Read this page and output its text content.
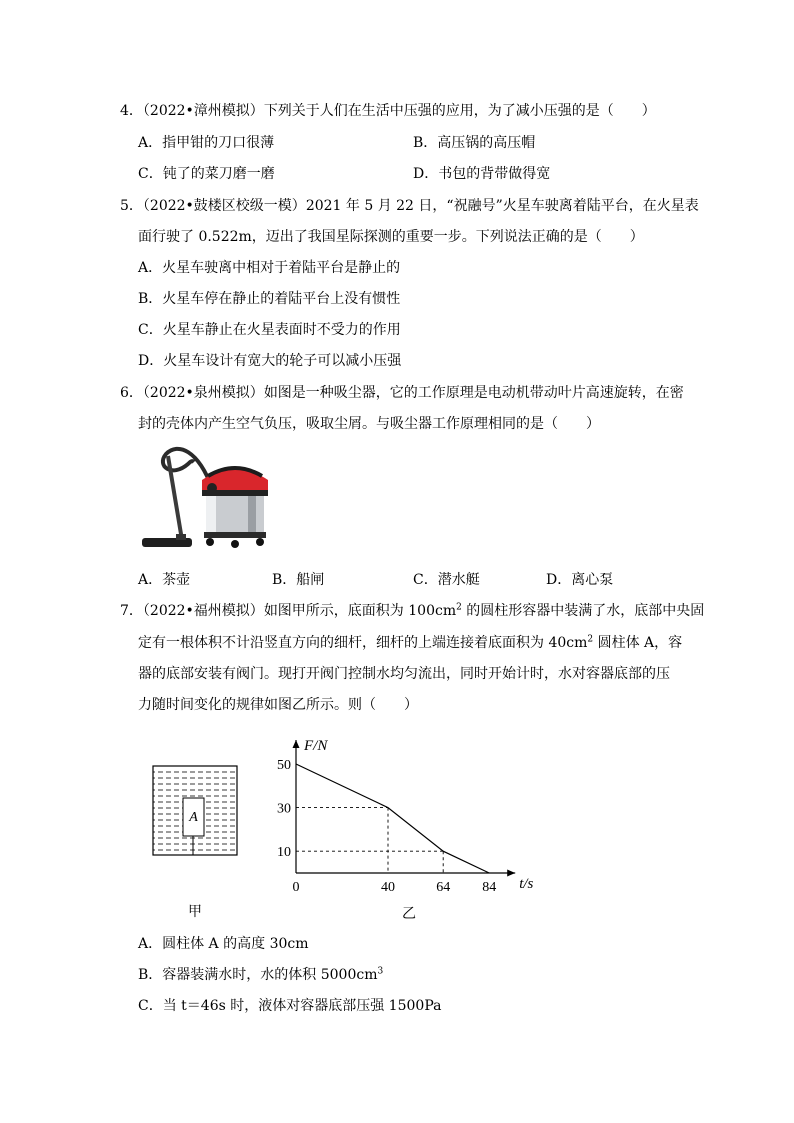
4．（2022•漳州模拟）下列关于人们在生活中压强的应用，为了减小压强的是（　　）
A．指甲钳的刀口很薄	B．高压锅的高压帽
C．钝了的菜刀磨一磨	D．书包的背带做得宽
5．（2022•鼓楼区校级一模）2021 年 5 月 22 日，“祝融号”火星车驶离着陆平台，在火星表
面行驶了 0.522m，迈出了我国星际探测的重要一步。下列说法正确的是（　　）
A．火星车驶离中相对于着陆平台是静止的
B．火星车停在静止的着陆平台上没有惯性
C．火星车静止在火星表面时不受力的作用
D．火星车设计有宽大的轮子可以减小压强
6．（2022•泉州模拟）如图是一种吸尘器，它的工作原理是电动机带动叶片高速旋转，在密
封的壳体内产生空气负压，吸取尘屑。与吸尘器工作原理相同的是（　　）
A．茶壶	B．船闸	C．潜水艇	D．离心泵
7．（2022•福州模拟）如图甲所示，底面积为 $100cm^2$ 的圆柱形容器中装满了水，底部中央固
定有一根体积不计沿竖直方向的细杆，细杆的上端连接着底面积为 $40cm^2$ 圆柱体 A，容
器的底部安装有阀门。现打开阀门控制水均匀流出，同时开始计时，水对容器底部的压
力随时间变化的规律如图乙所示。则（　　）
A
甲
F/N
t/s
0	40	64 84
50
30
10
乙
A．圆柱体 A 的高度 30cm
B．容器装满水时，水的体积 $5000cm^3$
C．当 t＝46s 时，液体对容器底部压强 1500Pa
